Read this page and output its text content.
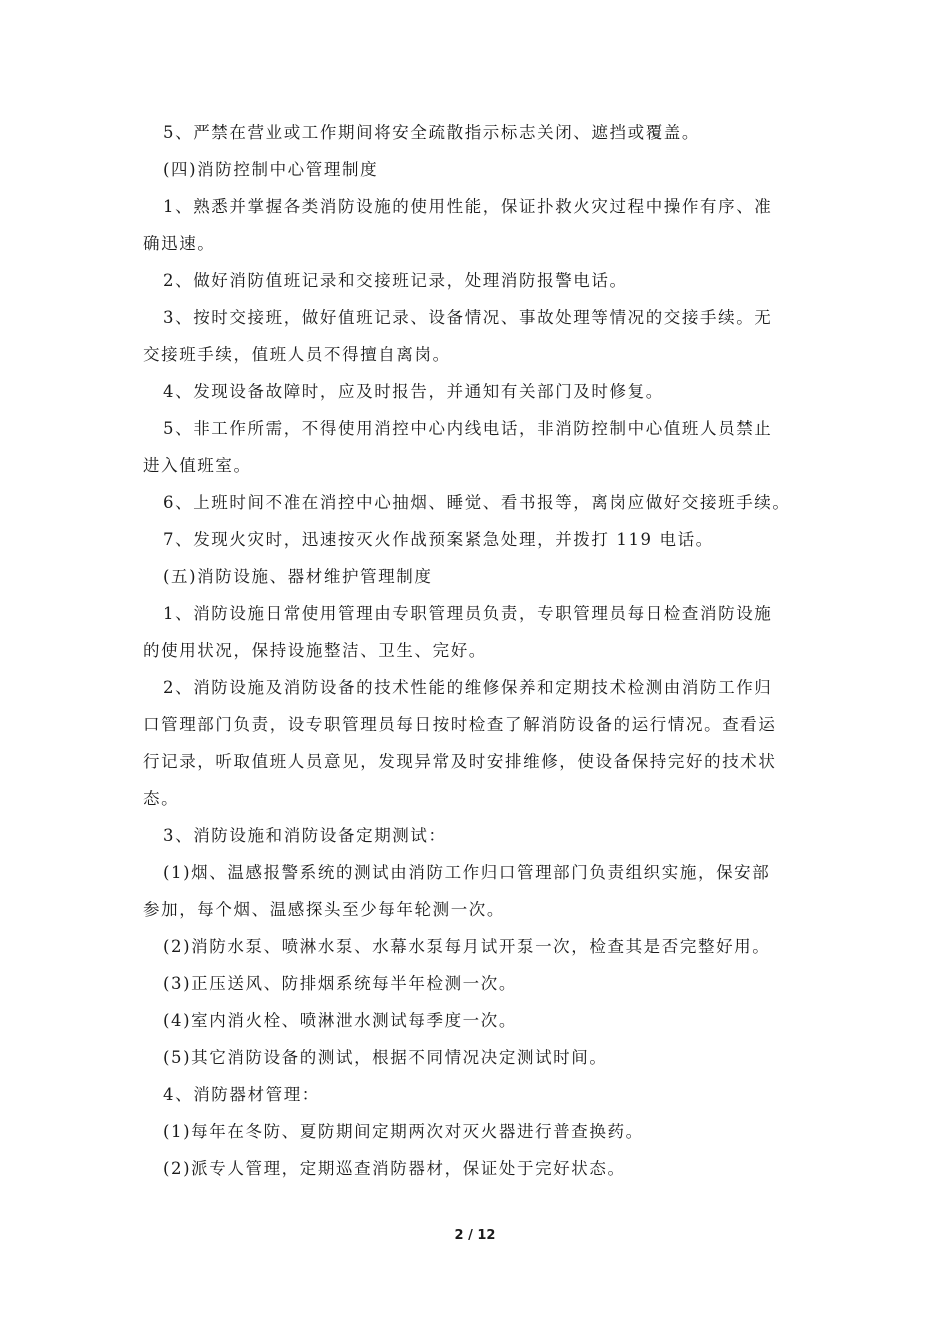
5、严禁在营业或工作期间将安全疏散指示标志关闭、遮挡或覆盖。
(四)消防控制中心管理制度
1、熟悉并掌握各类消防设施的使用性能，保证扑救火灾过程中操作有序、准
确迅速。
2、做好消防值班记录和交接班记录，处理消防报警电话。
3、按时交接班，做好值班记录、设备情况、事故处理等情况的交接手续。无
交接班手续，值班人员不得擅自离岗。
4、发现设备故障时，应及时报告，并通知有关部门及时修复。
5、非工作所需，不得使用消控中心内线电话，非消防控制中心值班人员禁止
进入值班室。
6、上班时间不准在消控中心抽烟、睡觉、看书报等，离岗应做好交接班手续。
7、发现火灾时，迅速按灭火作战预案紧急处理，并拨打 119 电话。
(五)消防设施、器材维护管理制度
1、消防设施日常使用管理由专职管理员负责，专职管理员每日检查消防设施
的使用状况，保持设施整洁、卫生、完好。
2、消防设施及消防设备的技术性能的维修保养和定期技术检测由消防工作归
口管理部门负责，设专职管理员每日按时检查了解消防设备的运行情况。查看运
行记录，听取值班人员意见，发现异常及时安排维修，使设备保持完好的技术状
态。
3、消防设施和消防设备定期测试：
(1)烟、温感报警系统的测试由消防工作归口管理部门负责组织实施，保安部
参加，每个烟、温感探头至少每年轮测一次。
(2)消防水泵、喷淋水泵、水幕水泵每月试开泵一次，检查其是否完整好用。
(3)正压送风、防排烟系统每半年检测一次。
(4)室内消火栓、喷淋泄水测试每季度一次。
(5)其它消防设备的测试，根据不同情况决定测试时间。
4、消防器材管理：
(1)每年在冬防、夏防期间定期两次对灭火器进行普查换药。
(2)派专人管理，定期巡查消防器材，保证处于完好状态。
2 / 12
